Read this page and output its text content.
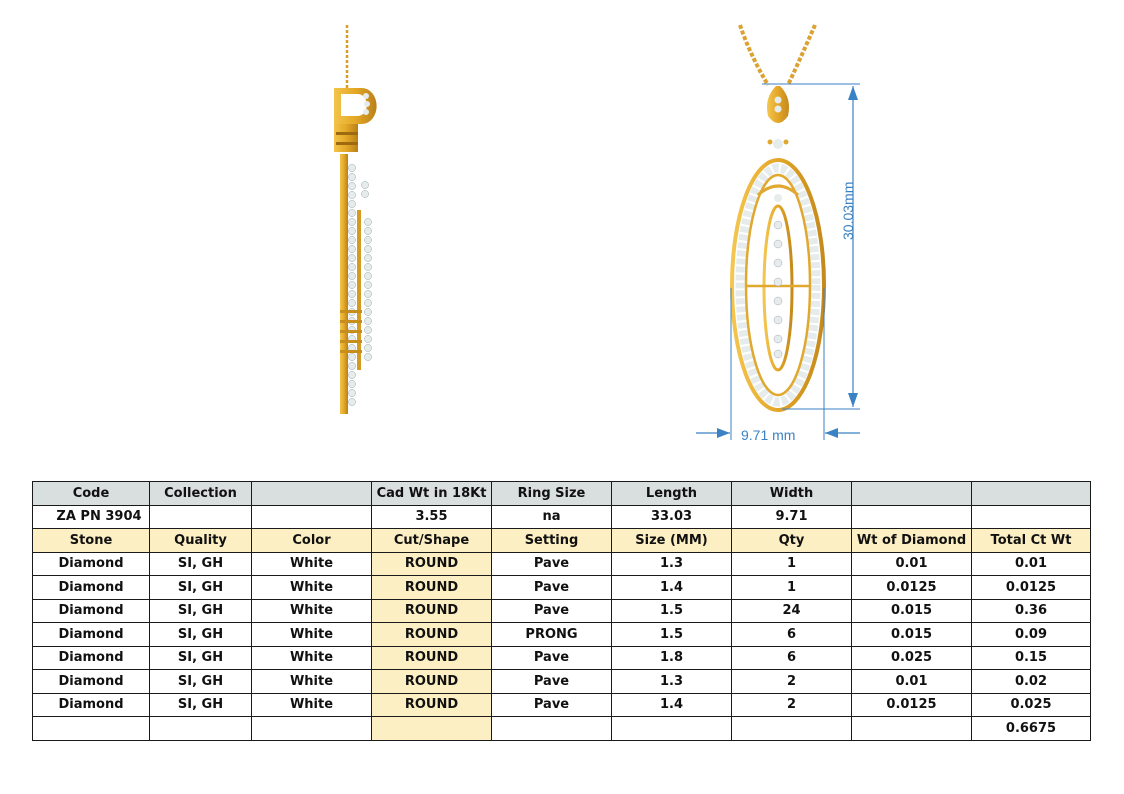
30.03mm
9.71 mm
Code	Collection		Cad Wt in 18Kt	Ring Size	Length	Width		
ZA PN 3904			3.55	na	33.03	9.71		
Stone	Quality	Color	Cut/Shape	Setting	Size (MM)	Qty	Wt of Diamond	Total Ct Wt
Diamond	SI, GH	White	ROUND	Pave	1.3	1	0.01	0.01
Diamond	SI, GH	White	ROUND	Pave	1.4	1	0.0125	0.0125
Diamond	SI, GH	White	ROUND	Pave	1.5	24	0.015	0.36
Diamond	SI, GH	White	ROUND	PRONG	1.5	6	0.015	0.09
Diamond	SI, GH	White	ROUND	Pave	1.8	6	0.025	0.15
Diamond	SI, GH	White	ROUND	Pave	1.3	2	0.01	0.02
Diamond	SI, GH	White	ROUND	Pave	1.4	2	0.0125	0.025
								0.6675
